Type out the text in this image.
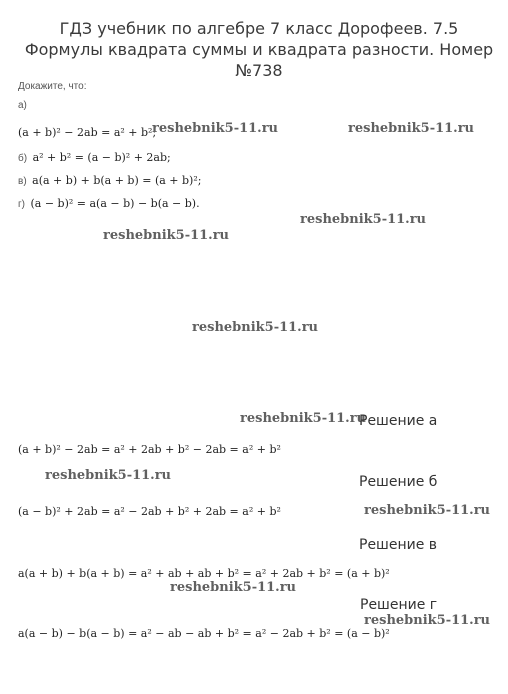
ГДЗ учебник по алгебре 7 класс Дорофеев. 7.5 Формулы квадрата суммы и квадрата разности. Номер №738
Докажите, что:
а)
(a + b)² − 2ab = a² + b²;
б) a² + b² = (a − b)² + 2ab;
в) a(a + b) + b(a + b) = (a + b)²;
г) (a − b)² = a(a − b) − b(a − b).
reshebnik5-11.ru	reshebnik5-11.ru
reshebnik5-11.ru
reshebnik5-11.ru
reshebnik5-11.ru
reshebnik5-11.ru
reshebnik5-11.ru
reshebnik5-11.ru
reshebnik5-11.ru
reshebnik5-11.ru
Решение а
(a + b)² − 2ab = a² + 2ab + b² − 2ab = a² + b²
Решение б
(a − b)² + 2ab = a² − 2ab + b² + 2ab = a² + b²
Решение в
a(a + b) + b(a + b) = a² + ab + ab + b² = a² + 2ab + b² = (a + b)²
Решение г
a(a − b) − b(a − b) = a² − ab − ab + b² = a² − 2ab + b² = (a − b)²
